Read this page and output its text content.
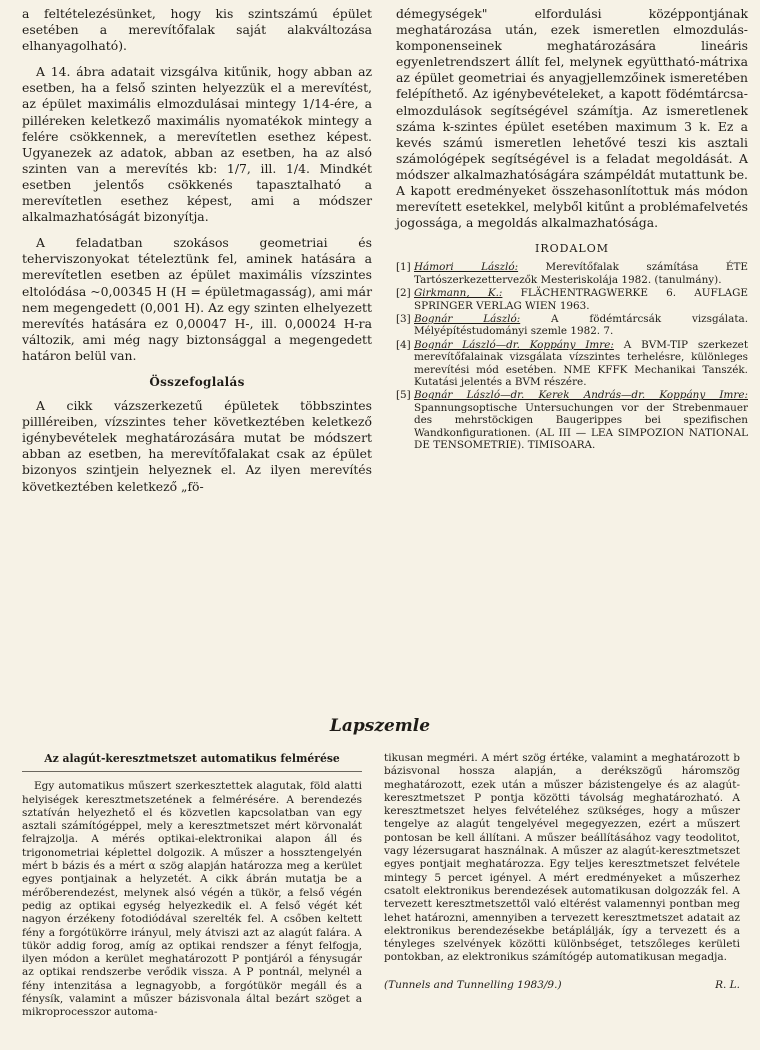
a feltételezésünket, hogy kis szintszámú épület esetében a merevítőfalak saját alakváltozása elhanyagolható).

A 14. ábra adatait vizsgálva kitűnik, hogy abban az esetben, ha a felső szinten helyezzük el a merevítést, az épület maximális elmozdulásai mintegy 1/14-ére, a pilléreken keletkező maximális nyomatékok mintegy a felére csökkennek, a merevítetlen esethez képest. Ugyanezek az adatok, abban az esetben, ha az alsó szinten van a merevítés kb: 1/7, ill. 1/4. Mindkét esetben jelentős csökkenés tapasztalható a merevítetlen esethez képest, ami a módszer alkalmazhatóságát bizonyítja.

A feladatban szokásos geometriai és teherviszonyokat tételeztünk fel, aminek hatására a merevítetlen esetben az épület maximális vízszintes eltolódása ~0,00345 H (H = épületmagasság), ami már nem megengedett (0,001 H). Az egy szinten elhelyezett merevítés hatására ez 0,00047 H-, ill. 0,00024 H-ra változik, ami még nagy biztonsággal a megengedett határon belül van.

Összefoglalás

A cikk vázszerkezetű épületek többszintes pillléreiben, vízszintes teher következtében keletkező igénybevételek meghatározására mutat be módszert abban az esetben, ha merevítőfalakat csak az épület bizonyos szintjein helyeznek el. Az ilyen merevítés következtében keletkező „fö-

démegységek" elfordulási középpontjának meghatározása után, ezek ismeretlen elmozdulás-komponenseinek meghatározására lineáris egyenletrendszert állít fel, melynek együttható-mátrixa az épület geometriai és anyagjellemzőinek ismeretében felépíthető. Az igénybevételeket, a kapott födémtárcsa-elmozdulások segítségével számítja. Az ismeretlenek száma k-szintes épület esetében maximum 3 k. Ez a kevés számú ismeretlen lehetővé teszi kis asztali számológépek segítségével is a feladat megoldását. A módszer alkalmazhatóságára számpéldát mutattunk be. A kapott eredményeket összehasonlítottuk más módon merevített esetekkel, melyből kitűnt a problémafelvetés jogossága, a megoldás alkalmazhatósága.

IRODALOM
[1] Hámori László: Merevítőfalak számítása ÉTE Tartószerkezettervezők Mesteriskolája 1982. (tanulmány).
[2] Girkmann, K.: FLÄCHENTRAGWERKE 6. AUFLAGE SPRINGER VERLAG WIEN 1963.
[3] Bognár László: A födémtárcsák vizsgálata. Mélyépítéstudományi szemle 1982. 7.
[4] Bognár László—dr. Koppány Imre: A BVM-TIP szerkezet merevítőfalainak vizsgálata vízszintes terhelésre, különleges merevítési mód esetében. NME KFFK Mechanikai Tanszék. Kutatási jelentés a BVM részére.
[5] Bognár László—dr. Kerek András—dr. Koppány Imre: Spannungsoptische Untersuchungen vor der Strebenmauer des mehrstöckigen Baugerippes bei spezifischen Wandkonfigurationen. (AL III — LEA SIMPOZION NATIONAL DE TENSOMETRIE). TIMISOARA.
Lapszemle
Az alagút-keresztmetszet automatikus felmérése

Egy automatikus műszert szerkesztettek alagutak, föld alatti helyiségek keresztmetszetének a felmérésére. A berendezés sztatíván helyezhető el és közvetlen kapcsolatban van egy asztali számítógéppel, mely a keresztmetszet mért körvonalát felrajzolja. A mérés optikai-elektronikai alapon áll és trigonometriai képlettel dolgozik. A műszer a hossztengelyén mért b bázis és a mért α szög alapján határozza meg a kerület egyes pontjainak a helyzetét. A cikk ábrán mutatja be a mérőberendezést, melynek alsó végén a tükör, a felső végén pedig az optikai egység helyezkedik el. A felső végét két nagyon érzékeny fotodiódával szerelték fel. A csőben keltett fény a forgótükörre irányul, mely átviszi azt az alagút falára. A tükör addig forog, amíg az optikai rendszer a fényt felfogja, ilyen módon a kerület meghatározott P pontjáról a fénysugár az optikai rendszerbe verődik vissza. A P pontnál, melynél a fény intenzitása a legnagyobb, a forgótükör megáll és a fénysík, valamint a műszer bázisvonala által bezárt szöget a mikroprocesszor automa-

tikusan megméri. A mért szög értéke, valamint a meghatározott b bázisvonal hossza alapján, a derékszögű háromszög meghatározott, ezek után a műszer bázistengelye és az alagút-keresztmetszet P pontja közötti távolság meghatározható. A keresztmetszet helyes felvételéhez szükséges, hogy a műszer tengelye az alagút tengelyével megegyezzen, ezért a műszert pontosan be kell állítani. A műszer beállításához vagy teodolitot, vagy lézersugarat használnak. A műszer az alagút-keresztmetszet egyes pontjait meghatározza. Egy teljes keresztmetszet felvétele mintegy 5 percet igényel. A mért eredményeket a műszerhez csatolt elektronikus berendezések automatikusan dolgozzák fel. A tervezett keresztmetszettől való eltérést valamennyi pontban meg lehet határozni, amennyiben a tervezett keresztmetszet adatait az elektronikus berendezésekbe betáplálják, így a tervezett és a tényleges szelvények közötti különbséget, tetszőleges kerületi pontokban, az elektronikus számítógép automatikusan megadja.

(Tunnels and Tunnelling 1983/9.)	R. L.
